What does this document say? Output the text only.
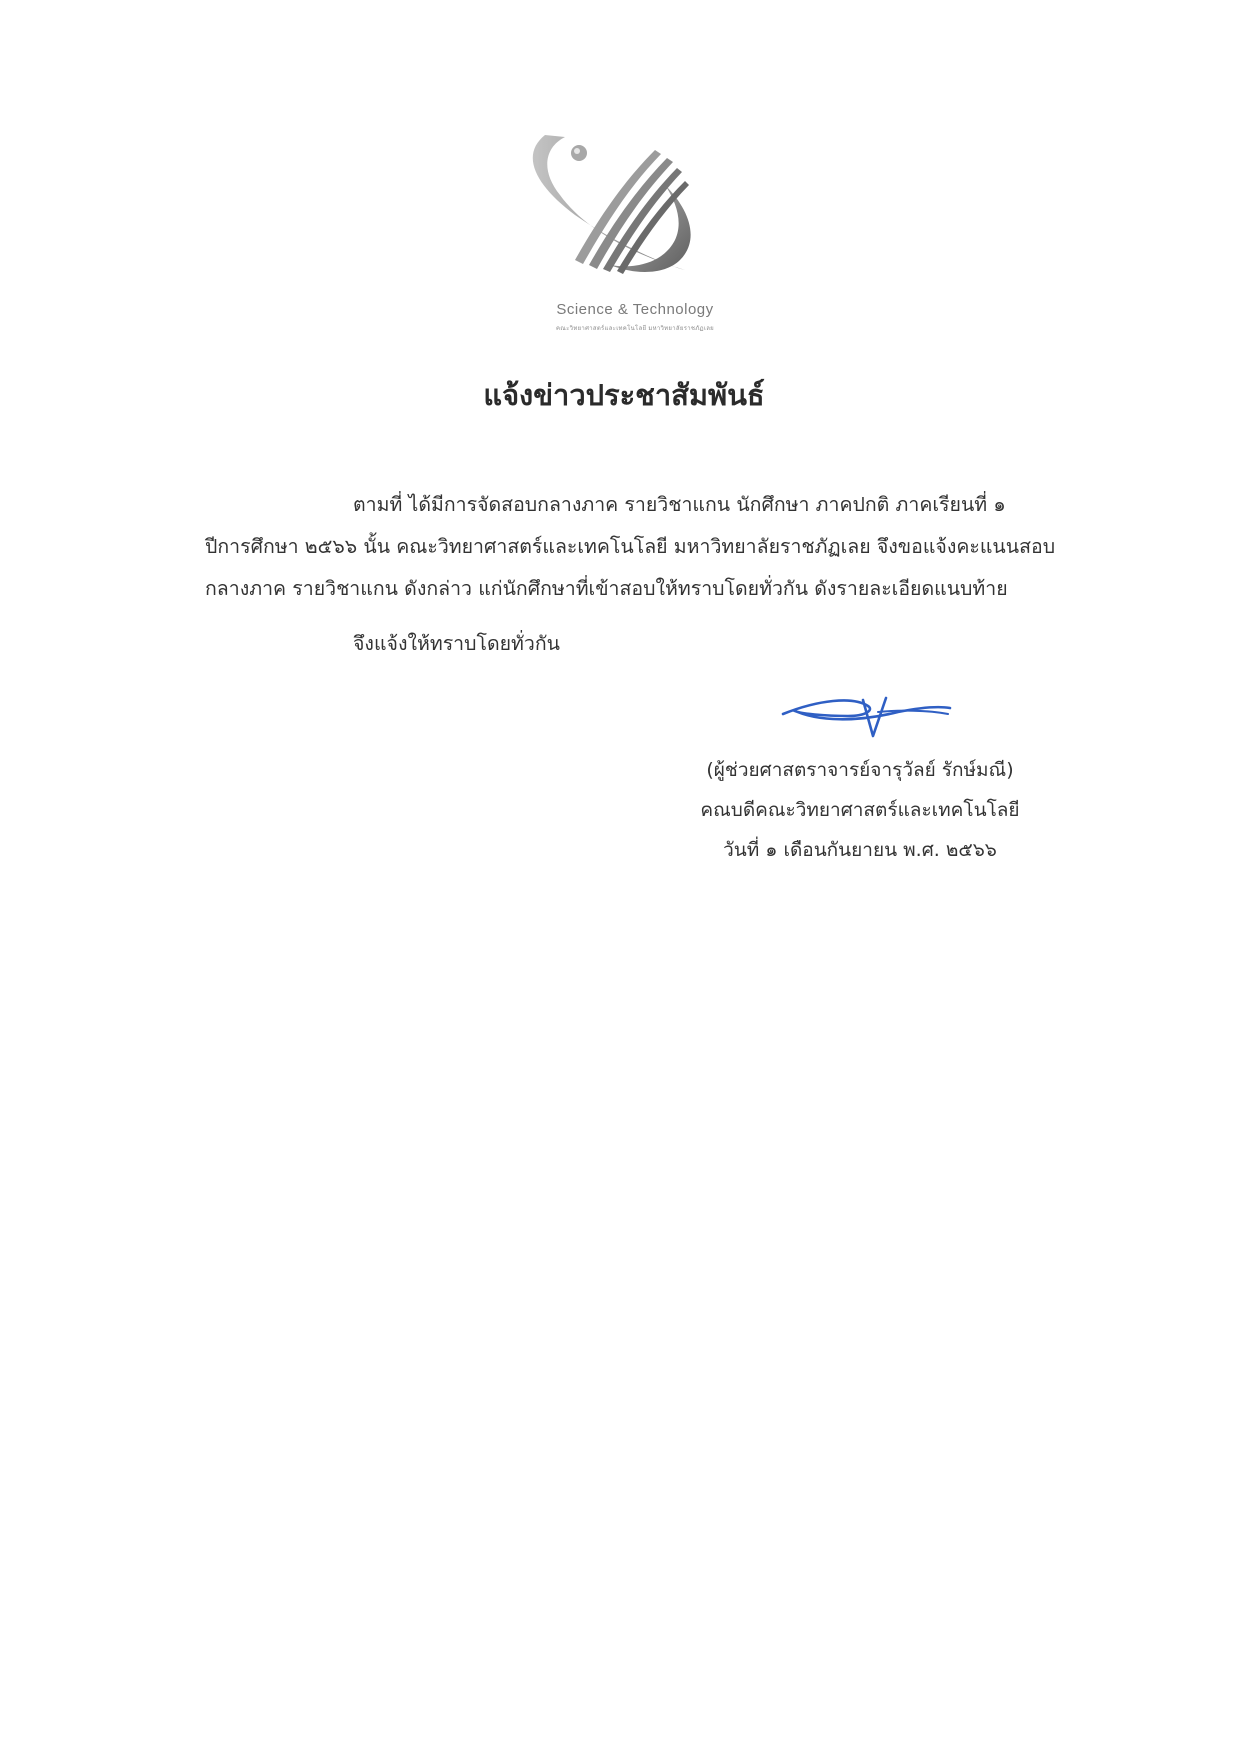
Science & Technology
คณะวิทยาศาสตร์และเทคโนโลยี มหาวิทยาลัยราชภัฏเลย
แจ้งข่าวประชาสัมพันธ์
ตามที่ ได้มีการจัดสอบกลางภาค รายวิชาแกน นักศึกษา ภาคปกติ ภาคเรียนที่ ๑
ปีการศึกษา ๒๕๖๖ นั้น คณะวิทยาศาสตร์และเทคโนโลยี มหาวิทยาลัยราชภัฏเลย จึงขอแจ้งคะแนนสอบ
กลางภาค รายวิชาแกน ดังกล่าว แก่นักศึกษาที่เข้าสอบให้ทราบโดยทั่วกัน ดังรายละเอียดแนบท้าย
จึงแจ้งให้ทราบโดยทั่วกัน
(ผู้ช่วยศาสตราจารย์จารุวัลย์ รักษ์มณี)
คณบดีคณะวิทยาศาสตร์และเทคโนโลยี
วันที่ ๑ เดือนกันยายน พ.ศ. ๒๕๖๖
